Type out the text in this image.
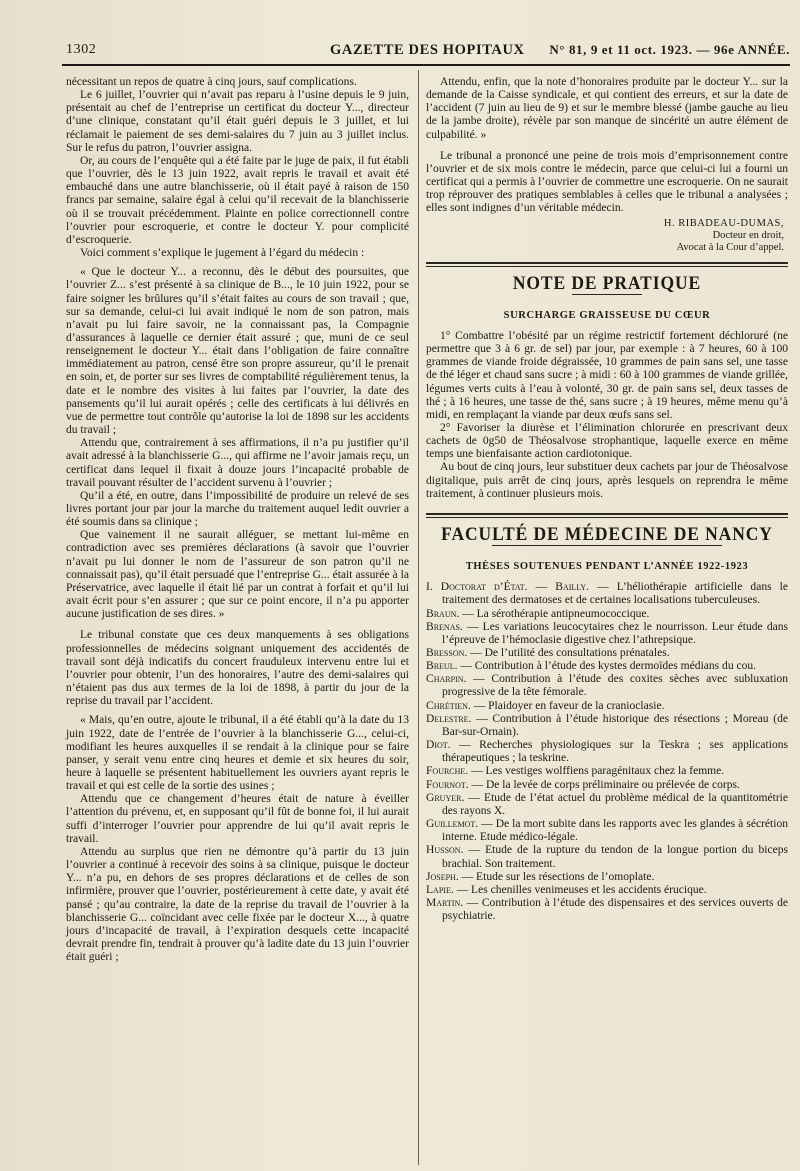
1302	GAZETTE DES HOPITAUX N° 81, 9 et 11 oct. 1923. — 96e ANNÉE.

nécessitant un repos de quatre à cinq jours, sauf complications.

Le 6 juillet, l’ouvrier qui n’avait pas reparu à l’usine depuis le 9 juin, présentait au chef de l’entreprise un certificat du docteur Y..., directeur d’une clinique, constatant qu’il était guéri depuis le 3 juillet, et lui réclamait le paiement de ses demi-salaires du 7 juin au 3 juillet inclus. Sur le refus du patron, l’ouvrier assigna.

Or, au cours de l’enquête qui a été faite par le juge de paix, il fut établi que l’ouvrier, dès le 13 juin 1922, avait repris le travail et avait été embauché dans une autre blanchisserie, où il était payé à raison de 150 francs par semaine, salaire égal à celui qu’il recevait de la blanchisserie où il se trouvait précédemment. Plainte en police correctionnell contre l’ouvrier pour escroquerie, et contre le docteur Y. pour complicité d’escroquerie.

Voici comment s’explique le jugement à l’égard du médecin :

« Que le docteur Y... a reconnu, dès le début des poursuites, que l’ouvrier Z... s’est présenté à sa clinique de B..., le 10 juin 1922, pour se faire soigner les brûlures qu’il s’était faites au cours de son travail ; que, sur sa demande, celui-ci lui avait indiqué le nom de son patron, mais n’avait pu lui faire savoir, ne la connaissant pas, la Compagnie d’assurances à laquelle ce dernier était assuré ; que, muni de ce seul renseignement le docteur Y... était dans l’obligation de faire connaître immédiatement au patron, censé être son propre assureur, qu’il le prenait en soin, et, de porter sur ses livres de comptabilité régulièrement tenus, la date et le nombre des visites à lui faites par l’ouvrier, la date des pansements qu’il lui aurait opérés ; celle des certificats à lui délivrés en vue de permettre tout contrôle qu’autorise la loi de 1898 sur les accidents du travail ;

Attendu que, contrairement à ses affirmations, il n’a pu justifier qu’il avait adressé à la blanchisserie G..., qui affirme ne l’avoir jamais reçu, un certificat dans lequel il fixait à douze jours l’incapacité probable de travail pouvant résulter de l’accident survenu à l’ouvrier ;

Qu’il a été, en outre, dans l’impossibilité de produire un relevé de ses livres portant jour par jour la marche du traitement auquel ledit ouvrier a été soumis dans sa clinique ;

Que vainement il ne saurait alléguer, se mettant lui-même en contradiction avec ses premières déclarations (à savoir que l’ouvrier n’avait pu lui donner le nom de l’assureur de son patron qu’il ne connaissait pas), qu’il était persuadé que l’entreprise G... était assurée à la Préservatrice, avec laquelle il était lié par un contrat à forfait et qu’il lui avait écrit pour s’en assurer ; que sur ce point encore, il n’a pu apporter aucune justification de ses dires. »

Le tribunal constate que ces deux manquements à ses obligations professionnelles de médecins soignant uniquement des accidentés de travail sont déjà indicatifs du concert frauduleux intervenu entre lui et l’ouvrier pour obtenir, l’un des honoraires, l’autre des demi-salaires qui n’étaient pas dus aux termes de la loi de 1898, à partir du jour de la reprise du travail par l’accident.

« Mais, qu’en outre, ajoute le tribunal, il a été établi qu’à la date du 13 juin 1922, date de l’entrée de l’ouvrier à la blanchisserie G..., celui-ci, modifiant les heures auxquelles il se rendait à la clinique pour se faire panser, y serait venu entre cinq heures et demie et six heures du soir, heure à laquelle se présentent habituellement les ouvriers ayant repris le travail et qui est celle de la sortie des usines ;

Attendu que ce changement d’heures était de nature à éveiller l’attention du prévenu, et, en supposant qu’il fût de bonne foi, il lui aurait suffi d’interroger l’ouvrier pour apprendre de lui qu’il avait repris le travail.

Attendu au surplus que rien ne démontre qu’à partir du 13 juin l’ouvrier a continué à recevoir des soins à sa clinique, puisque le docteur Y... n’a pu, en dehors de ses propres déclarations et de celles de son infirmière, prouver que l’ouvrier, postérieurement à cette date, y avait été pansé ; qu’au contraire, la date de la reprise du travail de l’ouvrier à la blanchisserie G... coïncidant avec celle fixée par le docteur X..., à quatre jours d’incapacité de travail, à l’expiration desquels cette incapacité devrait prendre fin, tendrait à prouver qu’à ladite date du 13 juin l’ouvrier était guéri ;

Attendu, enfin, que la note d’honoraires produite par le docteur Y... sur la demande de la Caisse syndicale, et qui contient des erreurs, et sur la date de l’accident (7 juin au lieu de 9) et sur le membre blessé (jambe gauche au lieu de la jambe droite), révèle par son manque de sincérité un autre élément de culpabilité. »

Le tribunal a prononcé une peine de trois mois d’emprisonnement contre l’ouvrier et de six mois contre le médecin, parce que celui-ci lui a fourni un certificat qui a permis à l’ouvrier de commettre une escroquerie. On ne saurait trop réprouver des pratiques semblables à celles que le tribunal a analysées ; elles sont indignes d’un véritable médecin.

H. RIBADEAU-DUMAS,
Docteur en droit,
Avocat à la Cour d’appel.
NOTE DE PRATIQUE
SURCHARGE GRAISSEUSE DU CŒUR

1° Combattre l’obésité par un régime restrictif fortement déchloruré (ne permettre que 3 à 6 gr. de sel) par jour, par exemple : à 7 heures, 60 à 100 grammes de viande froide dégraissée, 10 grammes de pain sans sel, une tasse de thé léger et chaud sans sucre ; à midi : 60 à 100 grammes de viande grillée, légumes verts cuits à l’eau à volonté, 30 gr. de pain sans sel, deux tasses de thé ; à 16 heures, une tasse de thé, sans sucre ; à 19 heures, même menu qu’à midi, en remplaçant la viande par deux œufs sans sel.

2° Favoriser la diurèse et l’élimination chlorurée en prescrivant deux cachets de 0g50 de Théosalvose strophantique, laquelle exerce en même temps une bienfaisante action cardiotonique.

Au bout de cinq jours, leur substituer deux cachets par jour de Théosalvose digitalique, puis arrêt de cinq jours, après lesquels on reprendra le même traitement, à continuer plusieurs mois.

FACULTÉ DE MÉDECINE DE NANCY
THÈSES SOUTENUES PENDANT L’ANNÉE 1922-1923

I. Doctorat d’État. — Bailly. — L’héliothérapie artificielle dans le traitement des dermatoses et de certaines localisations tuberculeuses.

Braun. — La sérothérapie antipneumococcique.

Brenas. — Les variations leucocytaires chez le nourrisson. Leur étude dans l’épreuve de l’hémoclasie digestive chez l’athrepsique.

Bresson. — De l’utilité des consultations prénatales.

Breul. — Contribution à l’étude des kystes dermoïdes médians du cou.

Charpin. — Contribution à l’étude des coxites sèches avec subluxation progressive de la tête fémorale.

Chrétien. — Plaidoyer en faveur de la cranioclasie.

Delestre. — Contribution à l’étude historique des résections ; Moreau (de Bar-sur-Ornain).

Diot. — Recherches physiologiques sur la Teskra ; ses applications thérapeutiques ; la teskrine.

Fourche. — Les vestiges wolffiens paragénitaux chez la femme.

Fournot. — De la levée de corps préliminaire ou prélevée de corps.

Gruyer. — Etude de l’état actuel du problème médical de la quantitométrie des rayons X.

Guillemot. — De la mort subite dans les rapports avec les glandes à sécrétion interne. Etude médico-légale.

Husson. — Etude de la rupture du tendon de la longue portion du biceps brachial. Son traitement.

Joseph. — Etude sur les résections de l’omoplate.

Lapie. — Les chenilles venimeuses et les accidents érucique.

Martin. — Contribution à l’étude des dispensaires et des services ouverts de psychiatrie.
